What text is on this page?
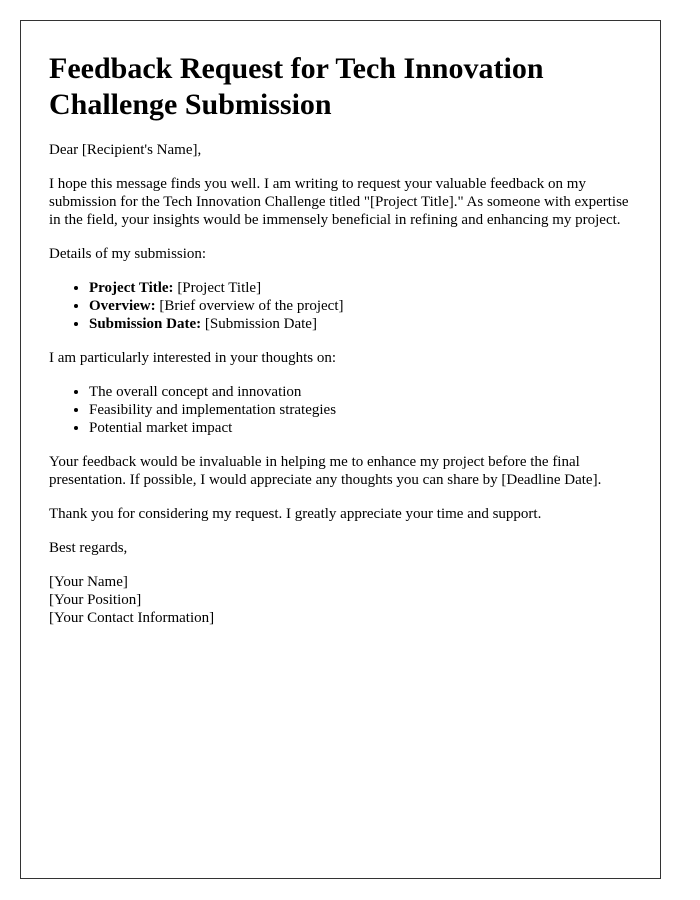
Feedback Request for Tech Innovation Challenge Submission

Dear [Recipient's Name],

I hope this message finds you well. I am writing to request your valuable feedback on my submission for the Tech Innovation Challenge titled "[Project Title]." As someone with expertise in the field, your insights would be immensely beneficial in refining and enhancing my project.

Details of my submission:

• Project Title: [Project Title]
• Overview: [Brief overview of the project]
• Submission Date: [Submission Date]

I am particularly interested in your thoughts on:

• The overall concept and innovation
• Feasibility and implementation strategies
• Potential market impact

Your feedback would be invaluable in helping me to enhance my project before the final presentation. If possible, I would appreciate any thoughts you can share by [Deadline Date].

Thank you for considering my request. I greatly appreciate your time and support.

Best regards,

[Your Name]
[Your Position]
[Your Contact Information]
